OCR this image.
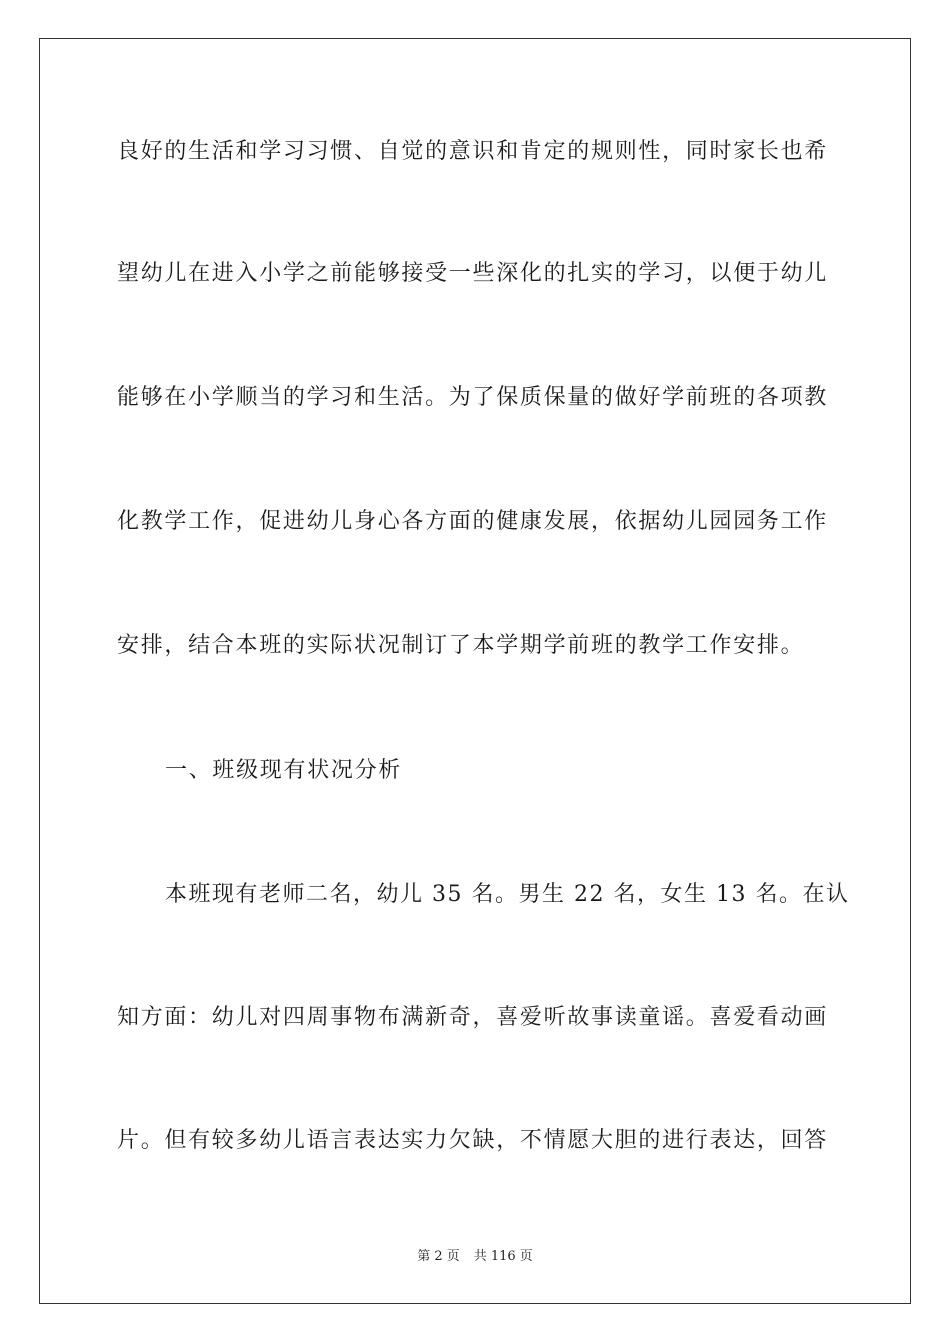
良好的生活和学习习惯、自觉的意识和肯定的规则性，同时家长也希
望幼儿在进入小学之前能够接受一些深化的扎实的学习，以便于幼儿
能够在小学顺当的学习和生活。为了保质保量的做好学前班的各项教
化教学工作，促进幼儿身心各方面的健康发展，依据幼儿园园务工作
安排，结合本班的实际状况制订了本学期学前班的教学工作安排。
一、班级现有状况分析
本班现有老师二名，幼儿 35 名。男生 22 名，女生 13 名。在认
知方面：幼儿对四周事物布满新奇，喜爱听故事读童谣。喜爱看动画
片。但有较多幼儿语言表达实力欠缺，不情愿大胆的进行表达，回答
第 2 页 共 116 页
